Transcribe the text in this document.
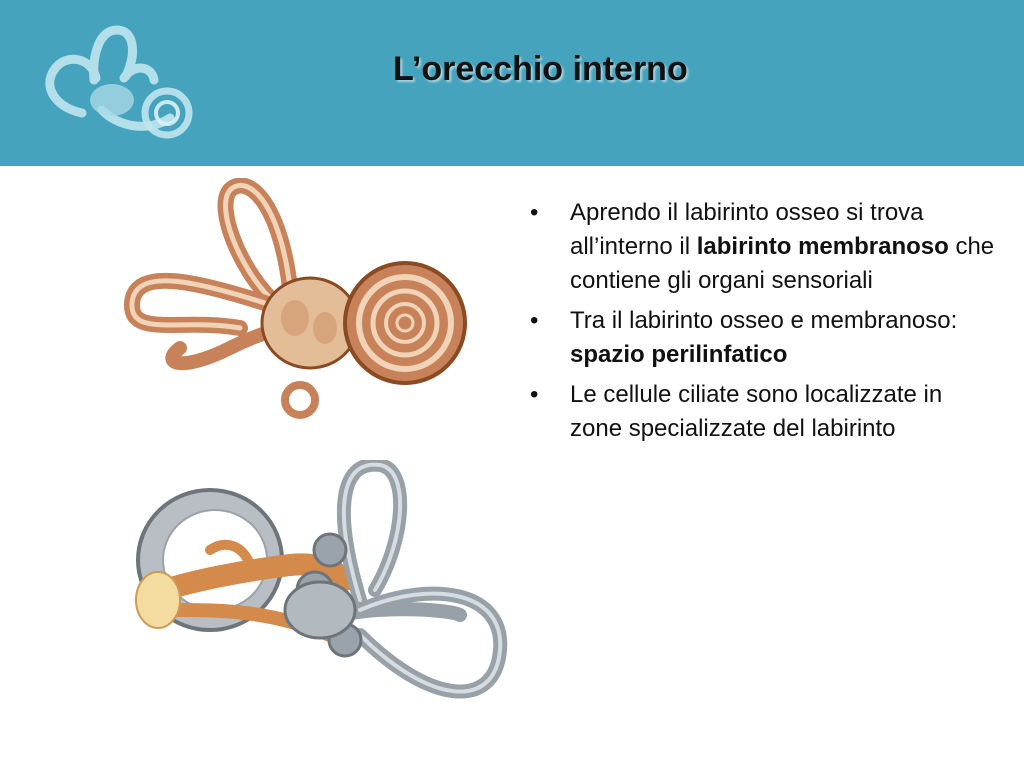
L’orecchio interno
• Aprendo il labirinto osseo si trova all’interno il labirinto membranoso che contiene gli organi sensoriali
• Tra il labirinto osseo e membranoso: spazio perilinfatico
• Le cellule ciliate sono localizzate in zone specializzate del labirinto
